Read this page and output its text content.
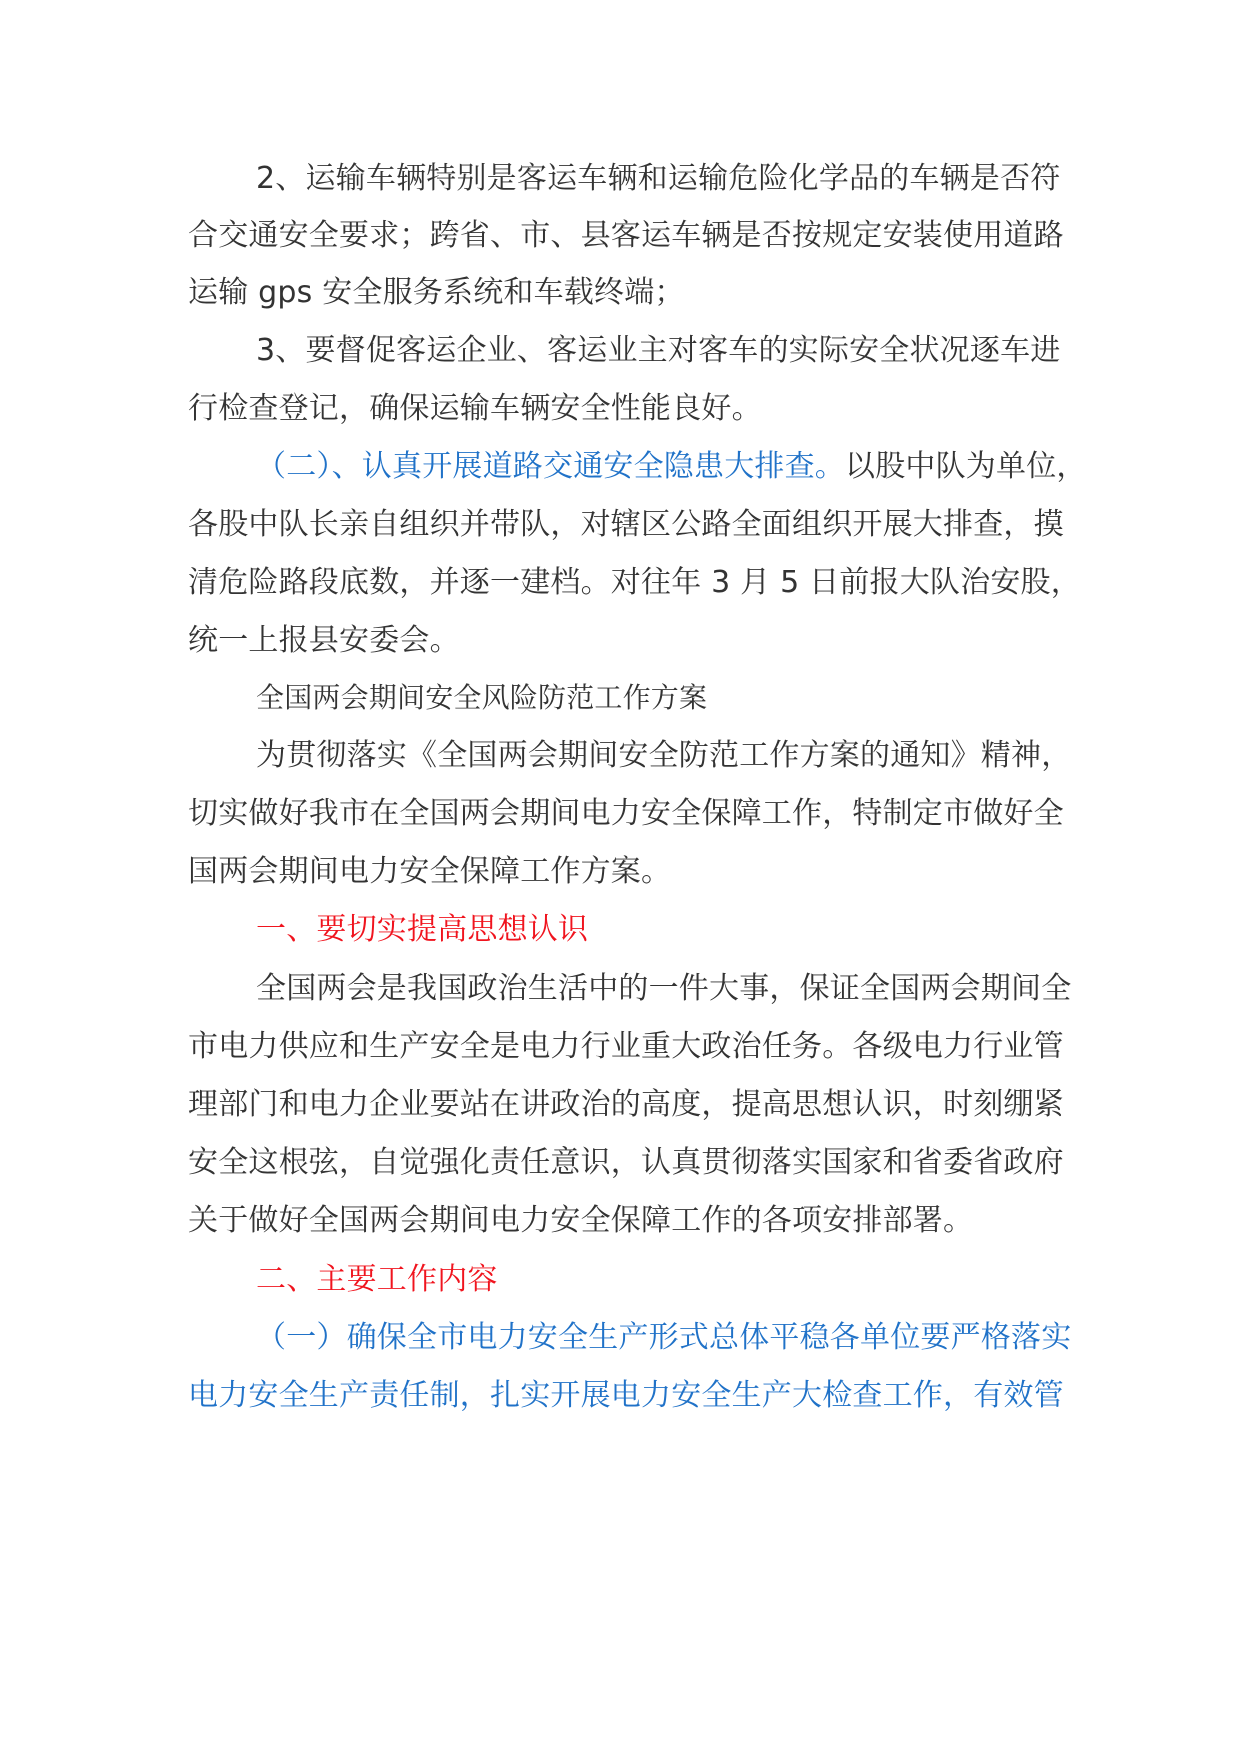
2、运输车辆特别是客运车辆和运输危险化学品的车辆是否符
合交通安全要求；跨省、市、县客运车辆是否按规定安装使用道路
运输 gps 安全服务系统和车载终端；
3、要督促客运企业、客运业主对客车的实际安全状况逐车进
行检查登记，确保运输车辆安全性能良好。
（二）、认真开展道路交通安全隐患大排查。以股中队为单位，
各股中队长亲自组织并带队，对辖区公路全面组织开展大排查，摸
清危险路段底数，并逐一建档。对往年 3 月 5 日前报大队治安股，
统一上报县安委会。
全国两会期间安全风险防范工作方案
为贯彻落实《全国两会期间安全防范工作方案的通知》精神，
切实做好我市在全国两会期间电力安全保障工作，特制定市做好全
国两会期间电力安全保障工作方案。
一、要切实提高思想认识
全国两会是我国政治生活中的一件大事，保证全国两会期间全
市电力供应和生产安全是电力行业重大政治任务。各级电力行业管
理部门和电力企业要站在讲政治的高度，提高思想认识，时刻绷紧
安全这根弦，自觉强化责任意识，认真贯彻落实国家和省委省政府
关于做好全国两会期间电力安全保障工作的各项安排部署。
二、主要工作内容
（一）确保全市电力安全生产形式总体平稳各单位要严格落实
电力安全生产责任制，扎实开展电力安全生产大检查工作，有效管
